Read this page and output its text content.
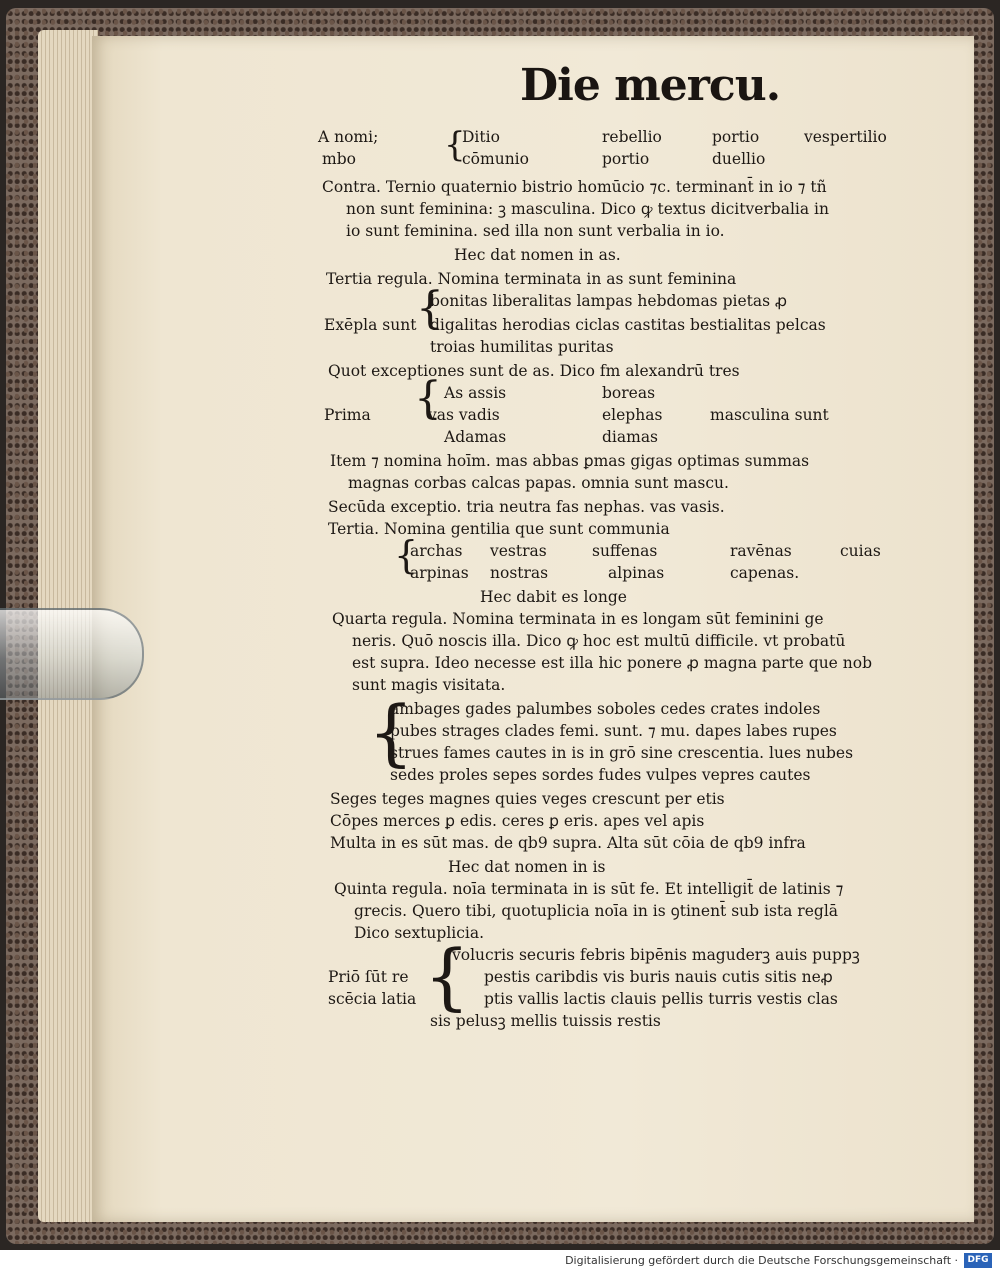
Die mercu.
A nomi;	Ditio	rebellio	portio	vespertilio
mbo	cōmunio	portio	duellio
{
Contra. Ternio quaternio bistrio homūcio ⁊c. terminant̄ in io ⁊ tñ
non sunt feminina: ꝫ masculina. Dico ꝙ textus dicitverbalia in
io sunt feminina. sed illa non sunt verbalia in io.
Hec dat nomen in as.
Tertia regula. Nomina terminata in as sunt feminina
bonitas liberalitas lampas hebdomas pietas ꝓ
Exēpla sunt digalitas herodias ciclas castitas bestialitas pelcas
troias humilitas puritas
{
Quot exceptiones sunt de as. Dico fm alexandrū tres
As assis	boreas
Prima	vas vadis	elephas	masculina sunt
Adamas	diamas
{
Item ⁊ nomina hoīm. mas abbas ꝑmas gigas optimas summas
magnas corbas calcas papas. omnia sunt mascu.
Secūda exceptio. tria neutra fas nephas. vas vasis.
Tertia. Nomina gentilia que sunt communia
archas vestras	suffenas	ravēnas	cuias
arpinas nostras	alpinas	capenas.
{
Hec dabit es longe
Quarta regula. Nomina terminata in es longam sūt feminini ge
neris. Quō noscis illa. Dico ꝙ hoc est multū difficile. vt probatū
est supra. Ideo necesse est illa hic ponere ꝓ magna parte que nob
sunt magis visitata.
ambages gades palumbes soboles cedes crates indoles
pubes strages clades femi. sunt. ⁊ mu. dapes labes rupes
strues fames cautes in is in grō sine crescentia. lues nubes
sedes proles sepes sordes fudes vulpes vepres cautes
{
Seges teges magnes quies veges crescunt per etis
Cōpes merces ꝑ edis. ceres ꝑ eris. apes vel apis
Multa in es sūt mas. de qb9 supra. Alta sūt cōia de qb9 infra
Hec dat nomen in is
Quinta regula. noīa terminata in is sūt fe. Et intelligit̄ de latinis ⁊
grecis. Quero tibi, quotuplicia noīa in is ꝯtinent̄ sub ista reglā
Dico sextuplicia.
volucris securis febris bipēnis maguderꝫ auis puppꝫ
Priō ſūt re	pestis caribdis vis buris nauis cutis sitis neꝓ
scēcia latia	ptis vallis lactis clauis pellis turris vestis clas
sis pelusꝫ mellis tuissis restis
{
Digitalisierung gefördert durch die Deutsche Forschungsgemeinschaft ·	DFG
